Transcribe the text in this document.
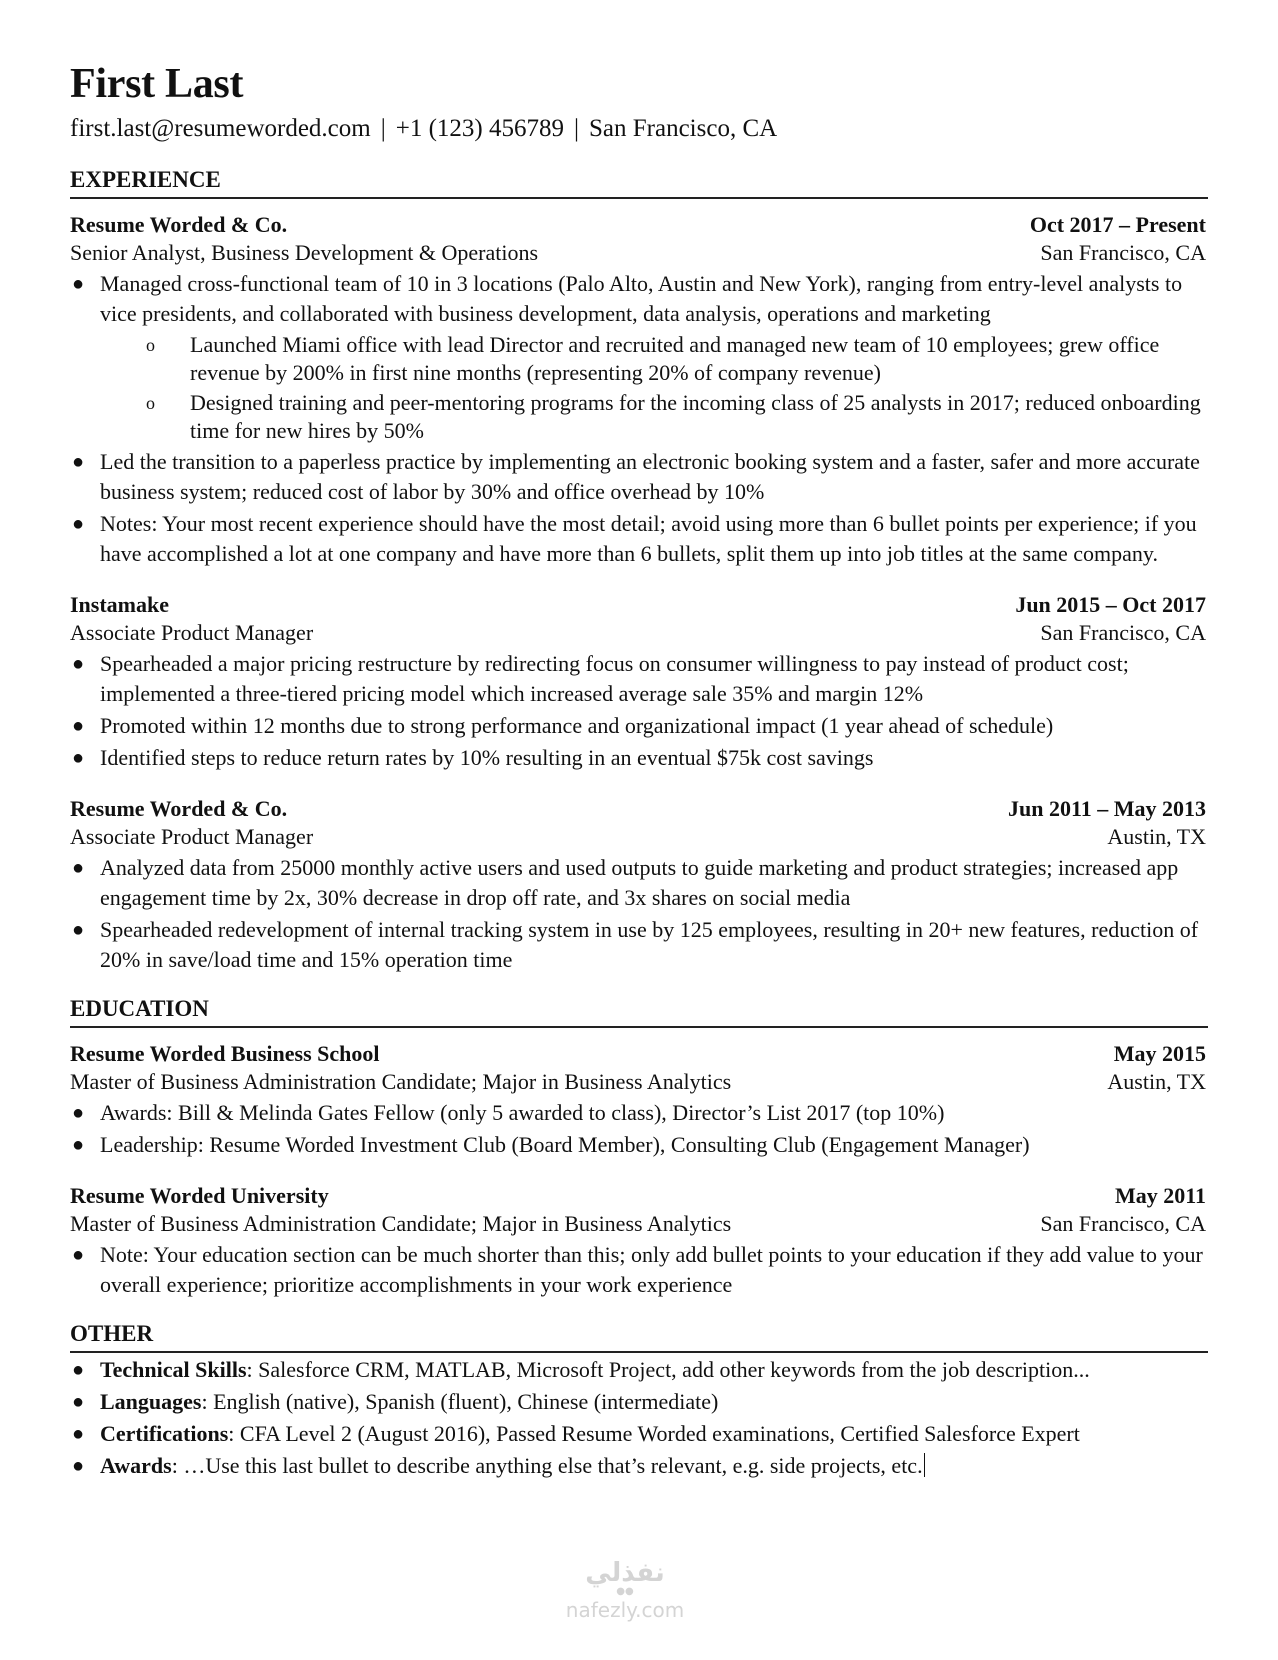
First Last
first.last@resumeworded.com | +1 (123) 456789 | San Francisco, CA
EXPERIENCE
Resume Worded & Co.	Oct 2017 – Present
Senior Analyst, Business Development & Operations	San Francisco, CA
● Managed cross-functional team of 10 in 3 locations (Palo Alto, Austin and New York), ranging from entry-level analysts to vice presidents, and collaborated with business development, data analysis, operations and marketing
o Launched Miami office with lead Director and recruited and managed new team of 10 employees; grew office revenue by 200% in first nine months (representing 20% of company revenue)
o Designed training and peer-mentoring programs for the incoming class of 25 analysts in 2017; reduced onboarding time for new hires by 50%
● Led the transition to a paperless practice by implementing an electronic booking system and a faster, safer and more accurate business system; reduced cost of labor by 30% and office overhead by 10%
● Notes: Your most recent experience should have the most detail; avoid using more than 6 bullet points per experience; if you have accomplished a lot at one company and have more than 6 bullets, split them up into job titles at the same company.
Instamake	Jun 2015 – Oct 2017
Associate Product Manager	San Francisco, CA
● Spearheaded a major pricing restructure by redirecting focus on consumer willingness to pay instead of product cost; implemented a three-tiered pricing model which increased average sale 35% and margin 12%
● Promoted within 12 months due to strong performance and organizational impact (1 year ahead of schedule)
● Identified steps to reduce return rates by 10% resulting in an eventual $75k cost savings
Resume Worded & Co.	Jun 2011 – May 2013
Associate Product Manager	Austin, TX
● Analyzed data from 25000 monthly active users and used outputs to guide marketing and product strategies; increased app engagement time by 2x, 30% decrease in drop off rate, and 3x shares on social media
● Spearheaded redevelopment of internal tracking system in use by 125 employees, resulting in 20+ new features, reduction of 20% in save/load time and 15% operation time
EDUCATION
Resume Worded Business School	May 2015
Master of Business Administration Candidate; Major in Business Analytics	Austin, TX
● Awards: Bill & Melinda Gates Fellow (only 5 awarded to class), Director’s List 2017 (top 10%)
● Leadership: Resume Worded Investment Club (Board Member), Consulting Club (Engagement Manager)
Resume Worded University	May 2011
Master of Business Administration Candidate; Major in Business Analytics	San Francisco, CA
● Note: Your education section can be much shorter than this; only add bullet points to your education if they add value to your overall experience; prioritize accomplishments in your work experience
OTHER
● Technical Skills: Salesforce CRM, MATLAB, Microsoft Project, add other keywords from the job description...
● Languages: English (native), Spanish (fluent), Chinese (intermediate)
● Certifications: CFA Level 2 (August 2016), Passed Resume Worded examinations, Certified Salesforce Expert
● Awards: …Use this last bullet to describe anything else that’s relevant, e.g. side projects, etc.
نفذلي
●●
nafezly.com
